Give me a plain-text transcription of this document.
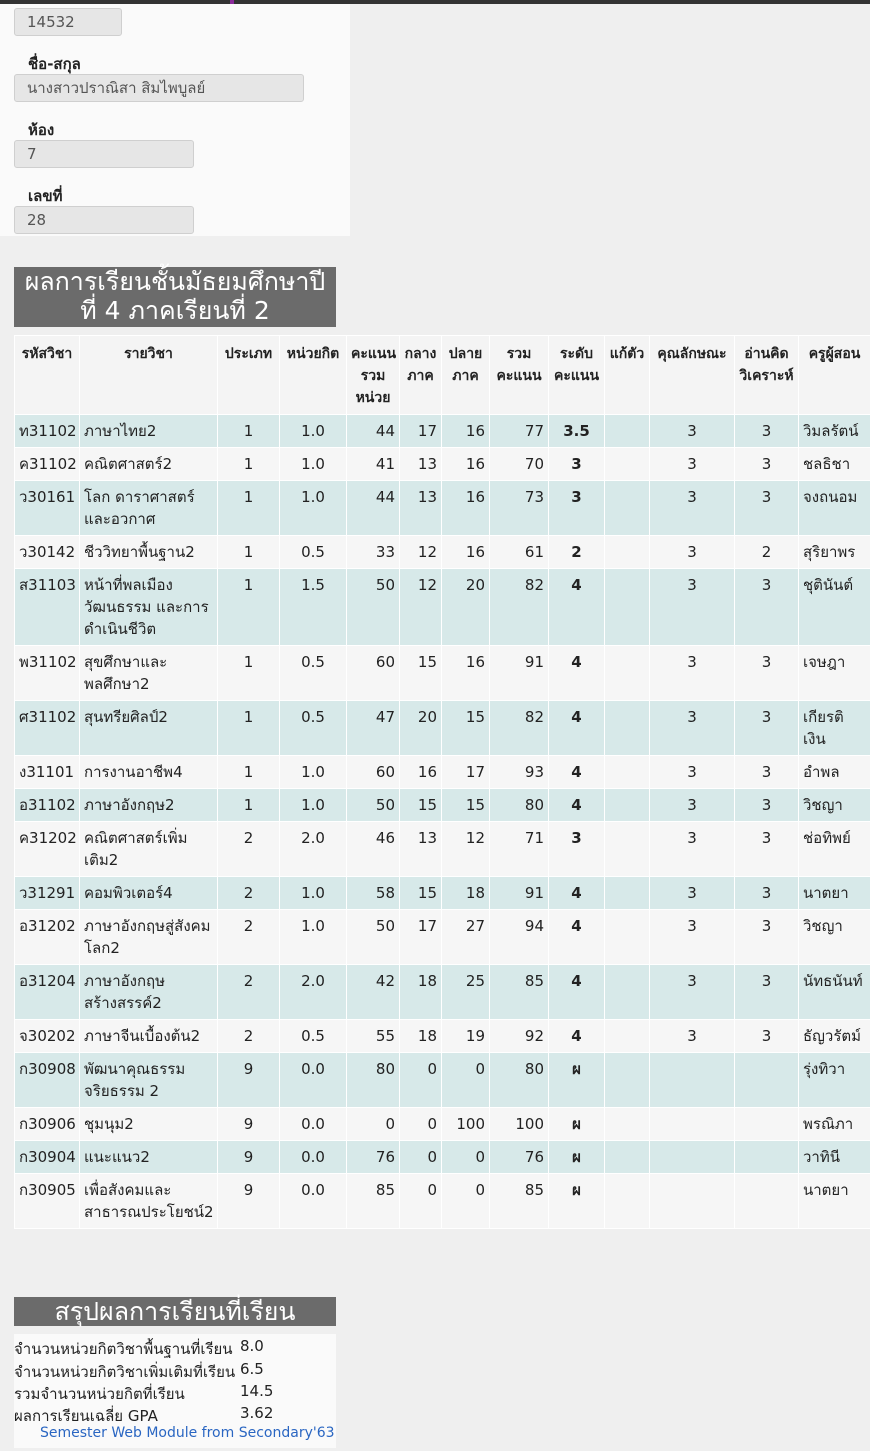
14532
ชื่อ-สกุล
นางสาวปราณิสา สิมไพบูลย์
ห้อง
7
เลขที่
28
ผลการเรียนชั้นมัธยมศึกษาปี
ที่ 4 ภาคเรียนที่ 2
รหัสวิชา	รายวิชา	ประเภท	หน่วยกิต	คะแนนรวมหน่วย	กลางภาค	ปลายภาค	รวมคะแนน	ระดับคะแนน	แก้ตัว	คุณลักษณะ	อ่านคิดวิเคราะห์	ครูผู้สอน
ท31102	ภาษาไทย2	1	1.0	44	17	16	77	3.5		3	3	วิมลรัตน์
ค31102	คณิตศาสตร์2	1	1.0	41	13	16	70	3		3	3	ชลธิชา
ว30161	โลก ดาราศาสตร์และอวกาศ	1	1.0	44	13	16	73	3		3	3	จงถนอม
ว30142	ชีววิทยาพื้นฐาน2	1	0.5	33	12	16	61	2		3	2	สุริยาพร
ส31103	หน้าที่พลเมือง วัฒนธรรม และการดำเนินชีวิต	1	1.5	50	12	20	82	4		3	3	ชุตินันต์
พ31102	สุขศึกษาและพลศึกษา2	1	0.5	60	15	16	91	4		3	3	เจษฎา
ศ31102	สุนทรียศิลป์2	1	0.5	47	20	15	82	4		3	3	เกียรติเงิน
ง31101	การงานอาชีพ4	1	1.0	60	16	17	93	4		3	3	อำพล
อ31102	ภาษาอังกฤษ2	1	1.0	50	15	15	80	4		3	3	วิชญา
ค31202	คณิตศาสตร์เพิ่มเติม2	2	2.0	46	13	12	71	3		3	3	ช่อทิพย์
ว31291	คอมพิวเตอร์4	2	1.0	58	15	18	91	4		3	3	นาตยา
อ31202	ภาษาอังกฤษสู่สังคมโลก2	2	1.0	50	17	27	94	4		3	3	วิชญา
อ31204	ภาษาอังกฤษสร้างสรรค์2	2	2.0	42	18	25	85	4		3	3	นัทธนันท์
จ30202	ภาษาจีนเบื้องต้น2	2	0.5	55	18	19	92	4		3	3	ธัญวรัตม์
ก30908	พัฒนาคุณธรรมจริยธรรม 2	9	0.0	80	0	0	80	ผ				รุ่งทิวา
ก30906	ชุมนุม2	9	0.0	0	0	100	100	ผ				พรณิภา
ก30904	แนะแนว2	9	0.0	76	0	0	76	ผ				วาทินี
ก30905	เพื่อสังคมและสาธารณประโยชน์2	9	0.0	85	0	0	85	ผ				นาตยา
สรุปผลการเรียนที่เรียน
จำนวนหน่วยกิตวิชาพื้นฐานที่เรียน 8.0
จำนวนหน่วยกิตวิชาเพิ่มเติมที่เรียน 6.5
รวมจำนวนหน่วยกิตที่เรียน	14.5
ผลการเรียนเฉลี่ย GPA	3.62
Semester Web Module from Secondary'63
